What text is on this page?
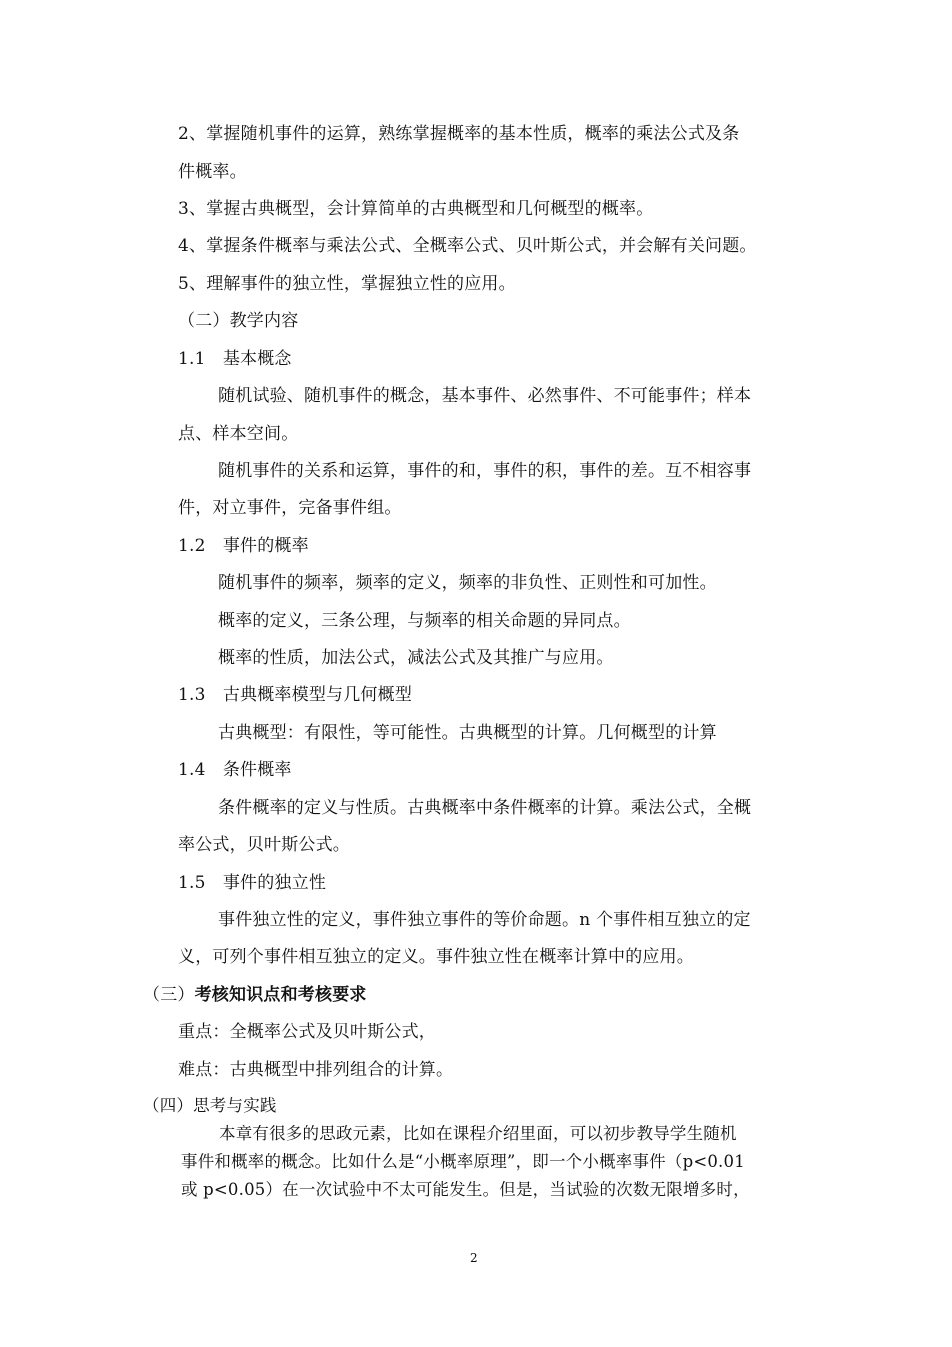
2、掌握随机事件的运算，熟练掌握概率的基本性质，概率的乘法公式及条
件概率。
3、掌握古典概型，会计算简单的古典概型和几何概型的概率。
4、掌握条件概率与乘法公式、全概率公式、贝叶斯公式，并会解有关问题。
5、理解事件的独立性，掌握独立性的应用。
（二）教学内容
1.1　基本概念
随机试验、随机事件的概念，基本事件、必然事件、不可能事件；样本
点、样本空间。
随机事件的关系和运算，事件的和，事件的积，事件的差。互不相容事
件，对立事件，完备事件组。
1.2　事件的概率
随机事件的频率，频率的定义，频率的非负性、正则性和可加性。
概率的定义，三条公理，与频率的相关命题的异同点。
概率的性质，加法公式，减法公式及其推广与应用。
1.3　古典概率模型与几何概型
古典概型：有限性，等可能性。古典概型的计算。几何概型的计算
1.4　条件概率
条件概率的定义与性质。古典概率中条件概率的计算。乘法公式，全概
率公式，贝叶斯公式。
1.5　事件的独立性
事件独立性的定义，事件独立事件的等价命题。n 个事件相互独立的定
义，可列个事件相互独立的定义。事件独立性在概率计算中的应用。
（三）考核知识点和考核要求
重点：全概率公式及贝叶斯公式，
难点：古典概型中排列组合的计算。
（四）思考与实践
本章有很多的思政元素，比如在课程介绍里面，可以初步教导学生随机
事件和概率的概念。比如什么是“小概率原理”，即一个小概率事件（p<0.01
或 p<0.05）在一次试验中不太可能发生。但是，当试验的次数无限增多时，
2
